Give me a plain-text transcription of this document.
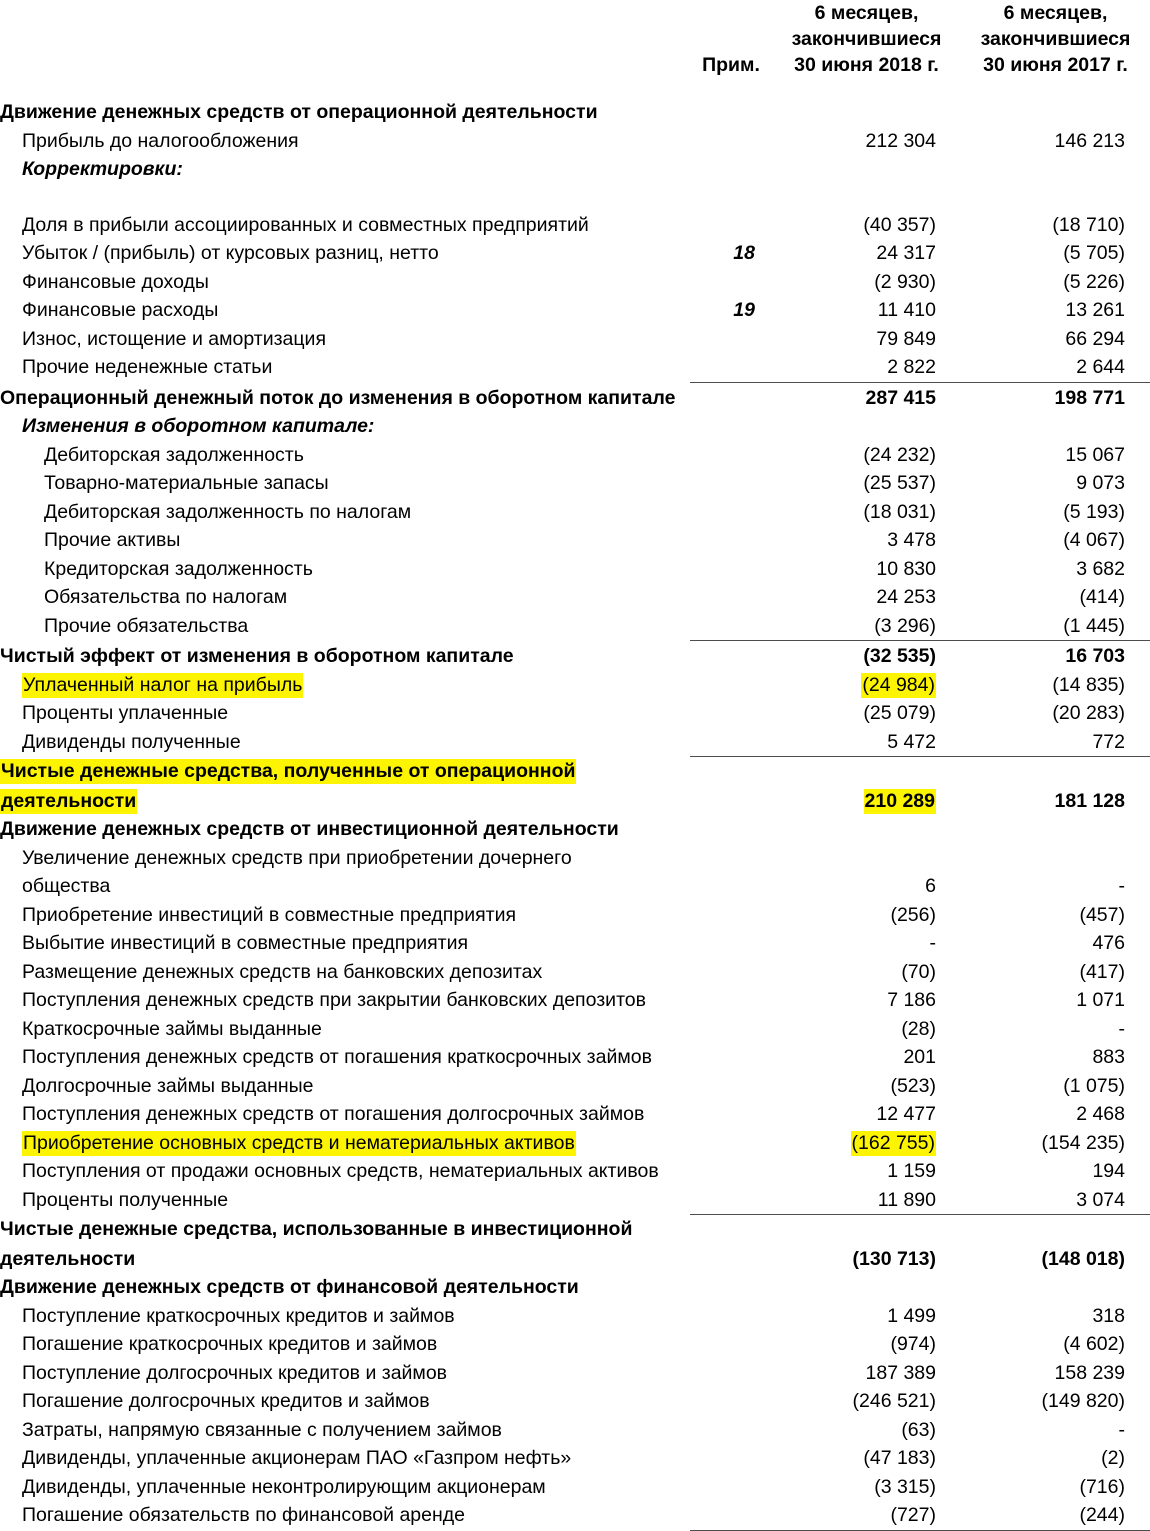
	Прим.	6 месяцев,
закончившиеся
30 июня 2018 г.	6 месяцев,
закончившиеся
30 июня 2017 г.

Движение денежных средств от операционной деятельности			
Прибыль до налогообложения		212 304	146 213
Корректировки:			

Доля в прибыли ассоциированных и совместных предприятий		(40 357)	(18 710)
Убыток / (прибыль) от курсовых разниц, нетто	18	24 317	(5 705)
Финансовые доходы		(2 930)	(5 226)
Финансовые расходы	19	11 410	13 261
Износ, истощение и амортизация		79 849	66 294
Прочие неденежные статьи		2 822	2 644
Операционный денежный поток до изменения в оборотном капитале		287 415	198 771
Изменения в оборотном капитале:			
Дебиторская задолженность		(24 232)	15 067
Товарно-материальные запасы		(25 537)	9 073
Дебиторская задолженность по налогам		(18 031)	(5 193)
Прочие активы		3 478	(4 067)
Кредиторская задолженность		10 830	3 682
Обязательства по налогам		24 253	(414)
Прочие обязательства		(3 296)	(1 445)
Чистый эффект от изменения в оборотном капитале		(32 535)	16 703
Уплаченный налог на прибыль		(24 984)	(14 835)
Проценты уплаченные		(25 079)	(20 283)
Дивиденды полученные		5 472	772
Чистые денежные средства, полученные от операционной			
деятельности		210 289	181 128
Движение денежных средств от инвестиционной деятельности			
Увеличение денежных средств при приобретении дочернего			
общества		6	-
Приобретение инвестиций в совместные предприятия		(256)	(457)
Выбытие инвестиций в совместные предприятия		-	476
Размещение денежных средств на банковских депозитах		(70)	(417)
Поступления денежных средств при закрытии банковских депозитов		7 186	1 071
Краткосрочные займы выданные		(28)	-
Поступления денежных средств от погашения краткосрочных займов		201	883
Долгосрочные займы выданные		(523)	(1 075)
Поступления денежных средств от погашения долгосрочных займов		12 477	2 468
Приобретение основных средств и нематериальных активов		(162 755)	(154 235)
Поступления от продажи основных средств, нематериальных активов		1 159	194
Проценты полученные		11 890	3 074
Чистые денежные средства, использованные в инвестиционной			
деятельности		(130 713)	(148 018)
Движение денежных средств от финансовой деятельности			
Поступление краткосрочных кредитов и займов		1 499	318
Погашение краткосрочных кредитов и займов		(974)	(4 602)
Поступление долгосрочных кредитов и займов		187 389	158 239
Погашение долгосрочных кредитов и займов		(246 521)	(149 820)
Затраты, напрямую связанные с получением займов		(63)	-
Дивиденды, уплаченные акционерам ПАО «Газпром нефть»		(47 183)	(2)
Дивиденды, уплаченные неконтролирующим акционерам		(3 315)	(716)
Погашение обязательств по финансовой аренде		(727)	(244)
